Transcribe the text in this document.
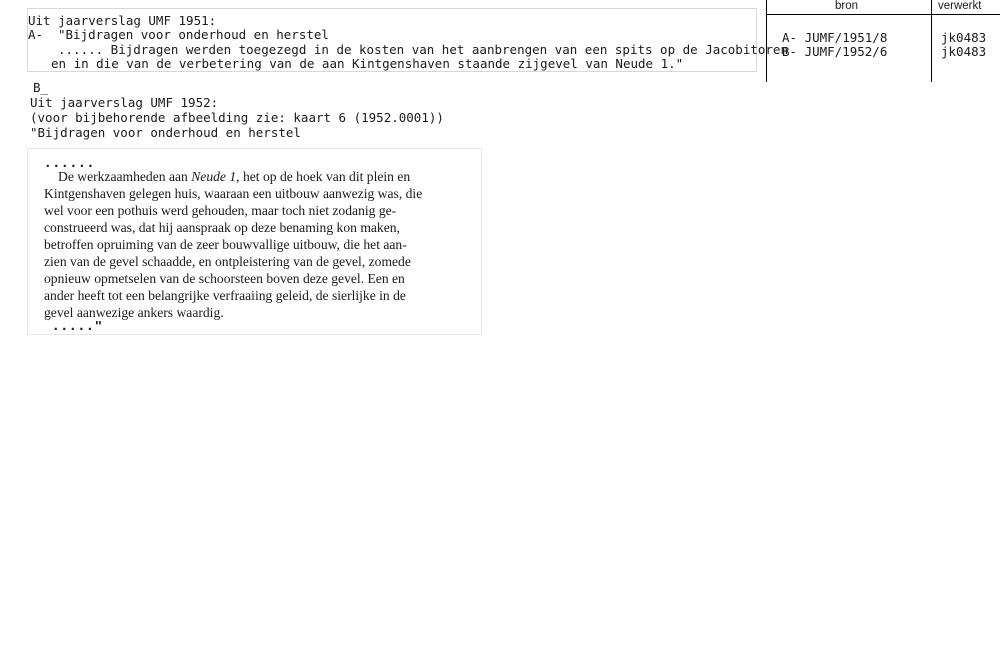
bron	verwerkt
A- JUMF/1951/8
B- JUMF/1952/6
jk0483
jk0483
Uit jaarverslag UMF 1951:
A- "Bijdragen voor onderhoud en herstel
...... Bijdragen werden toegezegd in de kosten van het aanbrengen van een spits op de Jacobitoren
en in die van de verbetering van de aan Kintgenshaven staande zijgevel van Neude 1."
B_
Uit jaarverslag UMF 1952:
(voor bijbehorende afbeelding zie: kaart 6 (1952.0001))
"Bijdragen voor onderhoud en herstel
......
De werkzaamheden aan Neude 1, het op de hoek van dit plein en
Kintgenshaven gelegen huis, waaraan een uitbouw aanwezig was, die
wel voor een pothuis werd gehouden, maar toch niet zodanig ge-
construeerd was, dat hij aanspraak op deze benaming kon maken,
betroffen opruiming van de zeer bouwvallige uitbouw, die het aan-
zien van de gevel schaadde, en ontpleistering van de gevel, zomede
opnieuw opmetselen van de schoorsteen boven deze gevel. Een en
ander heeft tot een belangrijke verfraaiing geleid, de sierlijke in de
gevel aanwezige ankers waardig.
....."
